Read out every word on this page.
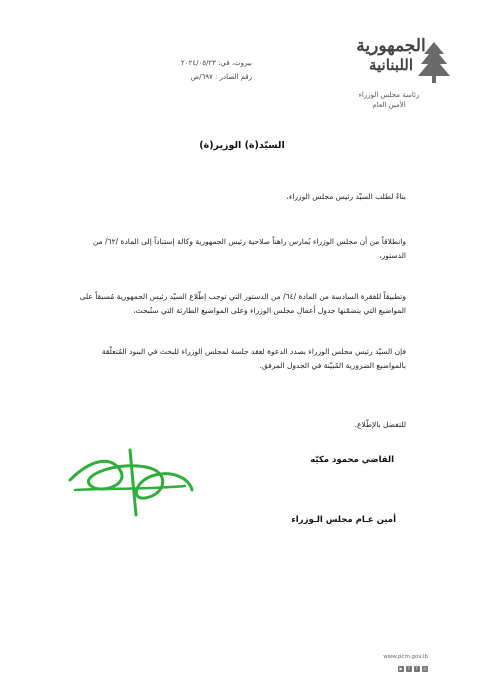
الجمهورية
اللبنانية
رئاسة مجلس الوزراء
الأمين العام
بيروت، في: ٢٠٢٤/٠٥/٢٣
رقم الصادر : ٦٩٧/ص
السيّد(ة) الوزير(ة)
بناءً لطلب السيّد رئيس مجلس الوزراء،
وانطلاقاً من أن مجلس الوزراء يُمارس راهناً صلاحية رئيس الجمهورية وكالة إستناداً إلى المادة /٦٢/ من الدستور،
وتطبيقاً للفقرة السادسة من المادة /٦٤/ من الدستور التي توجب إطّلاع السيّد رئيس الجمهورية مُسبقاً على المواضيع التي يتضمّنها جدول أعمال مجلس الوزراء وعلى المواضيع الطارئة التي ستُبحث،
فإن السيّد رئيس مجلس الوزراء بصدد الدعوة لعقد جلسة لمجلس الوزراء للبحث في البنود المُتعلّقة بالمواضيع الضرورية المُبيّنة في الجدول المرفق.
للتفضل بالإطّلاع.
القاضي محمود مكيّه
أمين عـام مجلس الـوزراء
www.pcm.gov.lb
▶	t	f	◎
